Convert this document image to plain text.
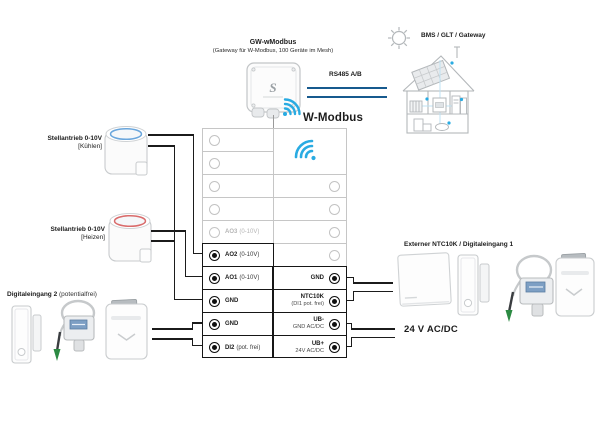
S
AO3 (0-10V)
AO2 (0-10V)
AO1 (0-10V)
GND
GND
DI2 (pot. frei)
GND
NTC10K
(DI1 pot. frei)
UB-
GND AC/DC
UB+
24V AC/DC
GW-wModbus
(Gateway für W-Modbus, 100 Geräte im Mesh)
RS485 A/B
W-Modbus
BMS / GLT / Gateway
Stellantrieb 0-10V
[Kühlen]
Stellantrieb 0-10V
[Heizen]
Digitaleingang 2 (potentialfrei)
Externer NTC10K / Digitaleingang 1
24 V AC/DC
